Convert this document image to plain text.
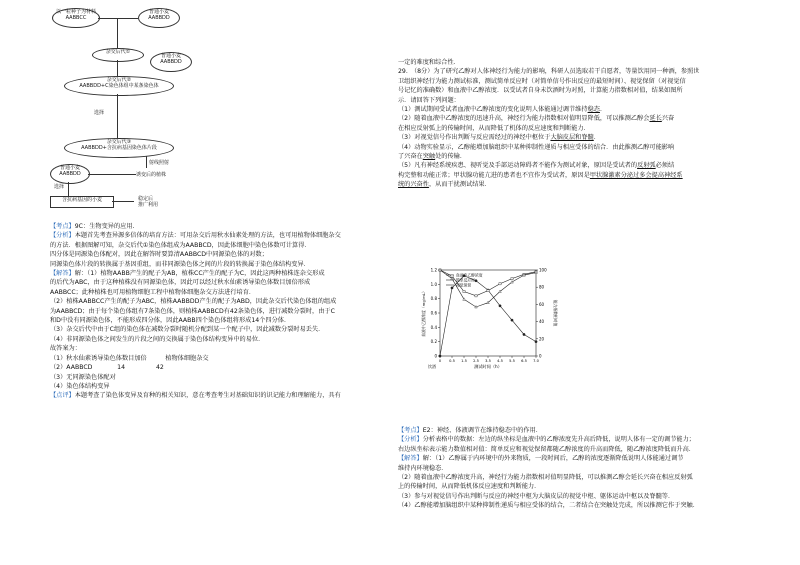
以一粒种子为材料
AABBCC
普通小麦
AABBDD
杂交后代①
普通小麦
AABBDD
杂交后代②
AABBDD+C染色体组中某条染色体
选择
杂交后代③
AABBDD+含抗病基因染色体片段
射线照射
诱变后的植株
普通小麦
AABBDD
选择
含抗病基因的小麦	稳定后
推广利用

【考点】9C：生物变异的应用.

【分析】本题首先考查异源多倍体的培育方法：可用杂交后用秋水仙素处理的方法，也可用植物体细胞杂交

的方法．根据图解可知，杂交后代①染色体组成为AABBCD，因此体细胞中染色体数可计算得．

四分体是同源染色体配对，因此在解答时要算清AABBCD中同源染色体的对数；

同源染色体片段的转换属于基因重组，而非同源染色体之间的片段的转换属于染色体结构变异．

【解答】解：（1）植物AABB产生的配子为AB，植株CC产生的配子为C，因此这两种植株连杂交形成

的后代为ABC，由于这种植株没有同源染色体，因此可以经过秋水仙素诱导染色体数目加倍形成

AABBCC；此种植株也可用植物细胞工程中植物体细胞杂交方法进行培育．

（2）植株AABBCC产生的配子为ABC，植株AABBDD产生的配子为ABD，因此杂交后代染色体组的组成

为AABBCD；由于每个染色体组有7条染色体，则植株AABBCD有42条染色体，进行减数分裂时，由于C

和D中没有同源染色体，不能形成四分体，因此AABB四个染色体组将形成14个四分体．

（3）杂交后代中由于C组的染色体在减数分裂时随机分配到某一个配子中，因此减数分裂时易丢失．

（4）非同源染色体之间发生的片段之间的交换属于染色体结构变异中的易位．

故答案为：

（1）秋水仙素诱导染色体数目加倍　　　植物体细胞杂交

（2）AABBCD　　　　14　　　　　42

（3）无同源染色体配对

（4）染色体结构变异

【点评】本题考查了染色体变异及育种的相关知识，意在考查考生对基础知识的识记能力和理解能力，具有

一定的难度和综合性．

29.　（8分）为了研究乙醇对人体神经行为能力的影响，科研人员选取若干自愿者，等量饮用同一种酒，参照世

卫组织神经行为能力测试标准，测试简单反应时（对简单信号作出反应的最短时间）、视觉保留（对视觉信

号记忆的准确数）和血液中乙醇浓度．以受试者自身未饮酒时为对照，计算能力指数相对值，结果如图所

示．请回答下列问题：

（1）测试期间受试者血液中乙醇浓度的变化说明人体能通过调节维持稳态．

（2）随着血液中乙醇浓度的迅速升高，神经行为能力指数相对值明显降低，可以推测乙醇会延长兴奋

在相应反射弧上的传输时间，从而降低了机体的反应速度和判断能力．

（3）对视觉信号作出判断与反应需经过的神经中枢位于大脑皮层和脊髓．

（4）动物实验显示，乙醇能增加脑组织中某种抑制性递质与相应受体的结合．由此推测乙醇可能影响

了兴奋在突触处的传输．

（5）凡有神经系统疾患、视听觉及手部运动障碍者不能作为测试对象，原因是受试者的反射弧必须结

构完整和功能正常；甲状腺功能亢进的患者也不宜作为受试者，原因是甲状腺激素分泌过多会提高神经系

统的兴奋性，从而干扰测试结果．

0
0.2
0.4
0.6
0.8
1.0
1.2
0
20
40
60
80
100
0 0.5 1.5 2.5 3.5 4.5 5.5 6.5 7.0
测试时间（h）
饮酒
血液中乙醇浓度（mg/mL）	能力指数相对值
血液中乙醇浓度
简单反应时
视觉保留

【考点】E2：神经、体液调节在维持稳态中的作用．

【分析】分析表格中的数据：左边的纵坐标是血液中的乙醇浓度先升高后降低，说明人体有一定的调节能力；

右边纵坐标表示能力数值相对值：简单反应和视觉保留都随乙醇浓度的升高而降低，随乙醇浓度降低而升高．

【解答】解：（1）乙醇属于内环境中的外来物质，一段时间后，乙醇的浓度逐渐降低说明人体能通过调节

维持内环境稳态．

（2）随着血液中乙醇浓度升高，神经行为能力指数相对值明显降低，可以推测乙醇会延长兴奋在相应反射弧

上的传输时间，从而降低机体反应速度和判断能力．

（3）参与对视觉信号作出判断与反应的神经中枢为大脑皮层的视觉中枢、躯体运动中枢以及脊髓等．

（4）乙醇能增加脑组织中某种抑制性递质与相应受体的结合，二者结合在突触处完成，所以推测它作于突触．
